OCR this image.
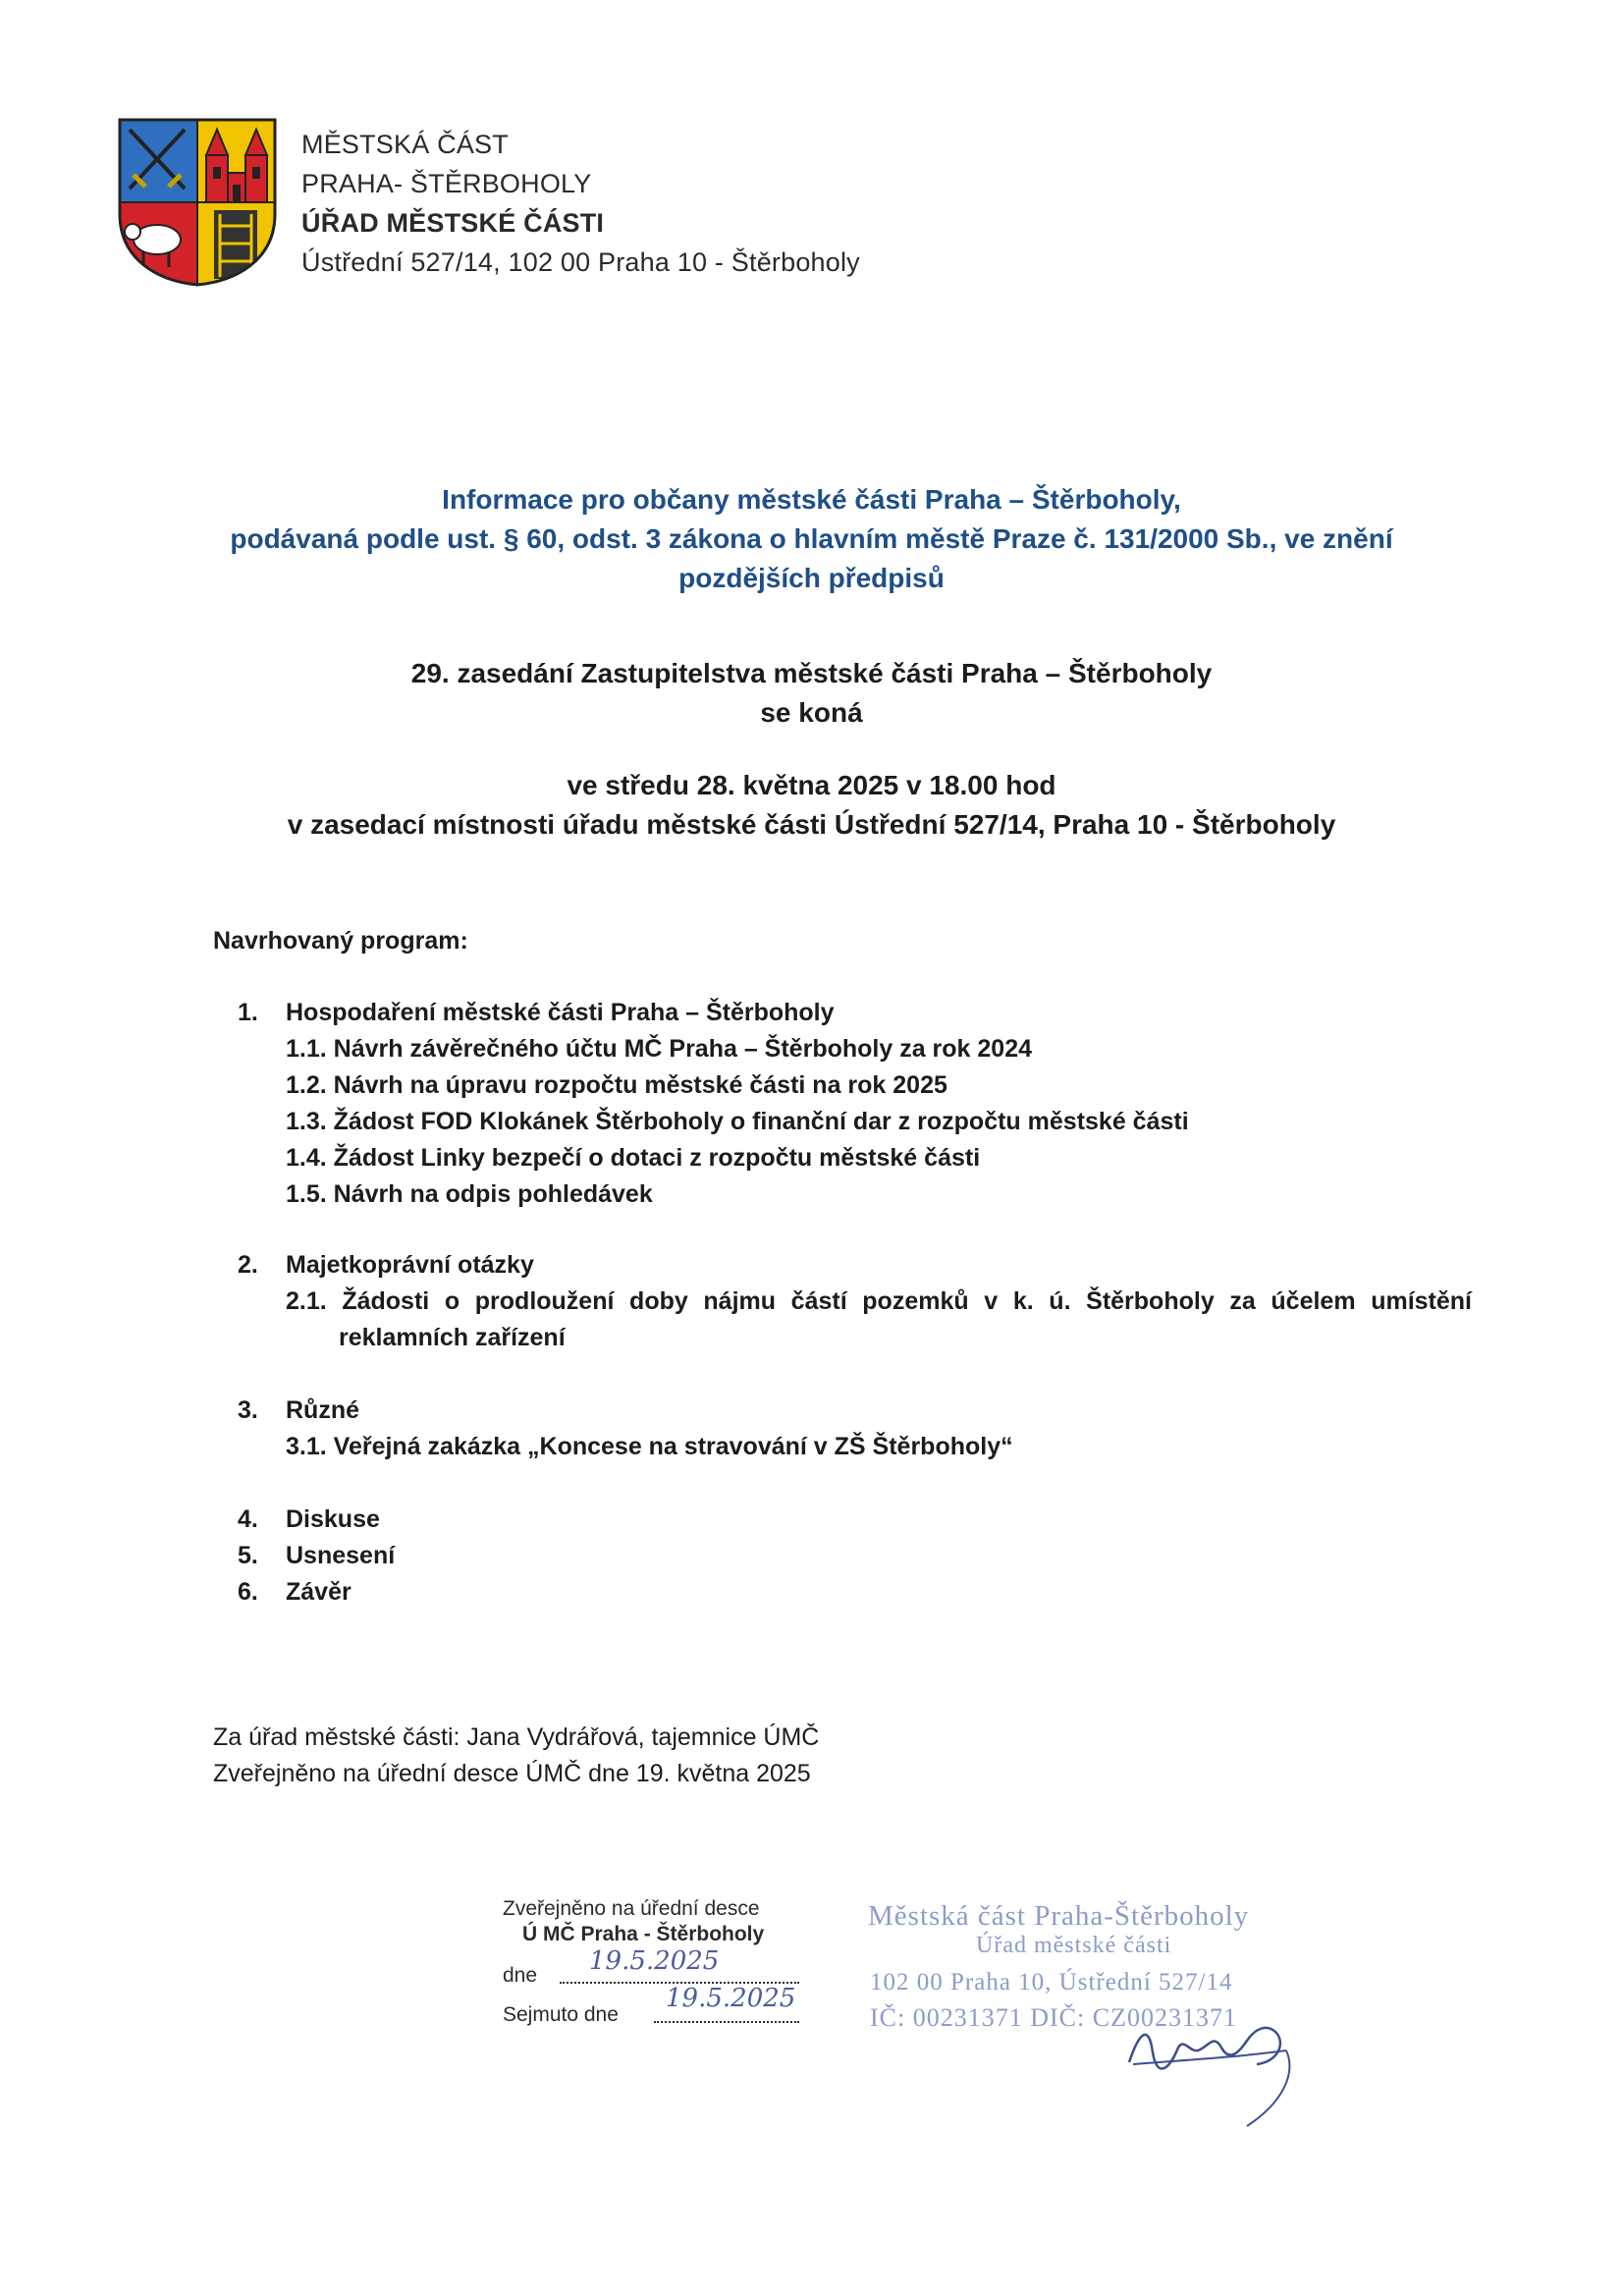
MĚSTSKÁ ČÁST
PRAHA- ŠTĚRBOHOLY
ÚŘAD MĚSTSKÉ ČÁSTI
Ústřední 527/14, 102 00 Praha 10 - Štěrboholy
Informace pro občany městské části Praha – Štěrboholy,
podávaná podle ust. § 60, odst. 3 zákona o hlavním městě Praze č. 131/2000 Sb., ve znění
pozdějších předpisů
29. zasedání Zastupitelstva městské části Praha – Štěrboholy
se koná
ve středu 28. května 2025 v 18.00 hod
v zasedací místnosti úřadu městské části Ústřední 527/14, Praha 10 - Štěrboholy
Navrhovaný program:
1.	Hospodaření městské části Praha – Štěrboholy
1.1. Návrh závěrečného účtu MČ Praha – Štěrboholy za rok 2024
1.2. Návrh na úpravu rozpočtu městské části na rok 2025
1.3. Žádost FOD Klokánek Štěrboholy o finanční dar z rozpočtu městské části
1.4. Žádost Linky bezpečí o dotaci z rozpočtu městské části
1.5. Návrh na odpis pohledávek
2.	Majetkoprávní otázky
2.1. Žádosti o prodloužení doby nájmu částí pozemků v k. ú. Štěrboholy za účelem umístění
reklamních zařízení
3.	Různé
3.1. Veřejná zakázka „Koncese na stravování v ZŠ Štěrboholy“
4.	Diskuse
5.	Usnesení
6.	Závěr
Za úřad městské části: Jana Vydrářová, tajemnice ÚMČ
Zveřejněno na úřední desce ÚMČ dne 19. května 2025
Zveřejněno na úřední desce
Ú MČ Praha - Štěrboholy
dne 19.5.2025
Sejmuto dne
19.5.2025
Městská část Praha-Štěrboholy
Úřad městské části
102 00 Praha 10, Ústřední 527/14
IČ: 00231371 DIČ: CZ00231371
